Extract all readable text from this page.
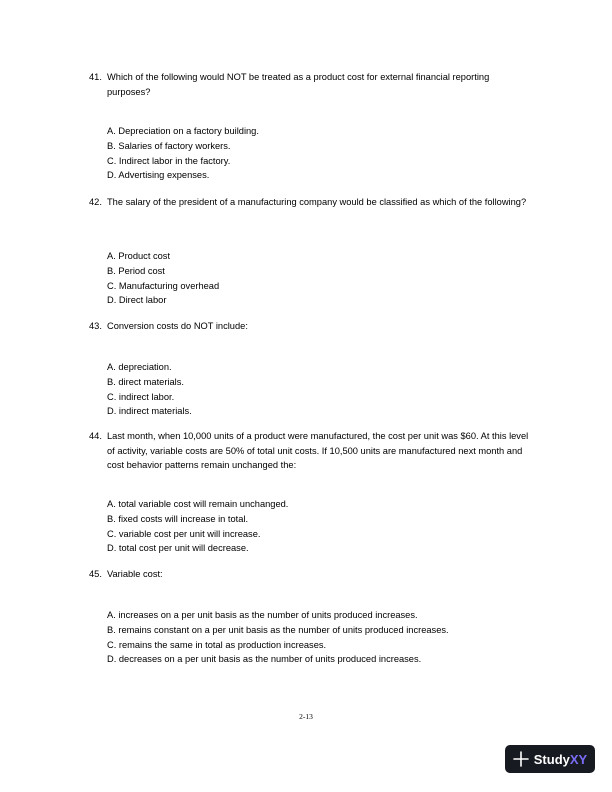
41. Which of the following would NOT be treated as a product cost for external financial reporting purposes?
A. Depreciation on a factory building.
B. Salaries of factory workers.
C. Indirect labor in the factory.
D. Advertising expenses.
42. The salary of the president of a manufacturing company would be classified as which of the following?
A. Product cost
B. Period cost
C. Manufacturing overhead
D. Direct labor
43. Conversion costs do NOT include:
A. depreciation.
B. direct materials.
C. indirect labor.
D. indirect materials.
44. Last month, when 10,000 units of a product were manufactured, the cost per unit was $60. At this level of activity, variable costs are 50% of total unit costs. If 10,500 units are manufactured next month and cost behavior patterns remain unchanged the:
A. total variable cost will remain unchanged.
B. fixed costs will increase in total.
C. variable cost per unit will increase.
D. total cost per unit will decrease.
45. Variable cost:
A. increases on a per unit basis as the number of units produced increases.
B. remains constant on a per unit basis as the number of units produced increases.
C. remains the same in total as production increases.
D. decreases on a per unit basis as the number of units produced increases.
2-13
StudyXY
